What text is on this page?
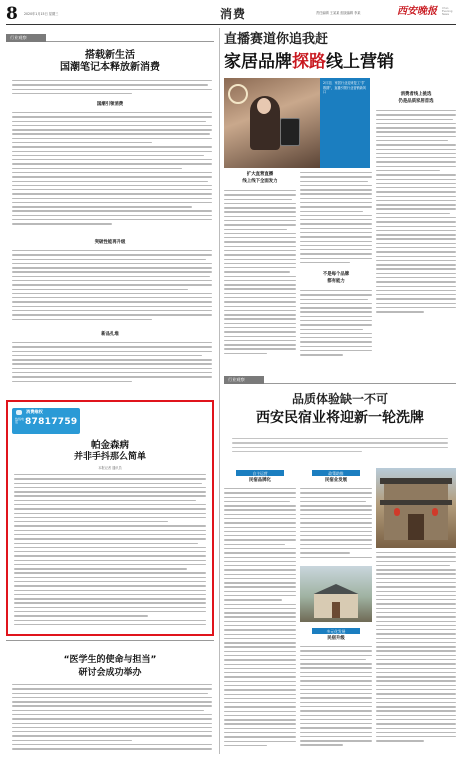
8 2020年1月15日 星期三	消费	责任编辑 王某某 组版编辑 李某	西安晚报 Xi'an Evening News
行业观察
搭载新生活
国潮笔记本释放新消费
国潮引领消费
突破性能再升级
新品扎堆
消费维权
热线电话 87817759
帕金森病
并非手抖那么简单
本报记者 通讯员
“医学生的使命与担当”
研讨会成功举办
直播赛道你追我赶
家居品牌探路线上营销
2月初，家居行业迎来复工“扩散期”，直播引领行业营销新风口	消费者线上挑选
仍是品质家居首选
扩大直营直播
线上线下全面发力
不是每个品牌
都有能力
行业观察
品质体验缺一不可
西安民宿业将迎新一轮洗牌
自主运营
民宿品牌化
政策助推
民宿业发展
多元化发展
民宿升级
